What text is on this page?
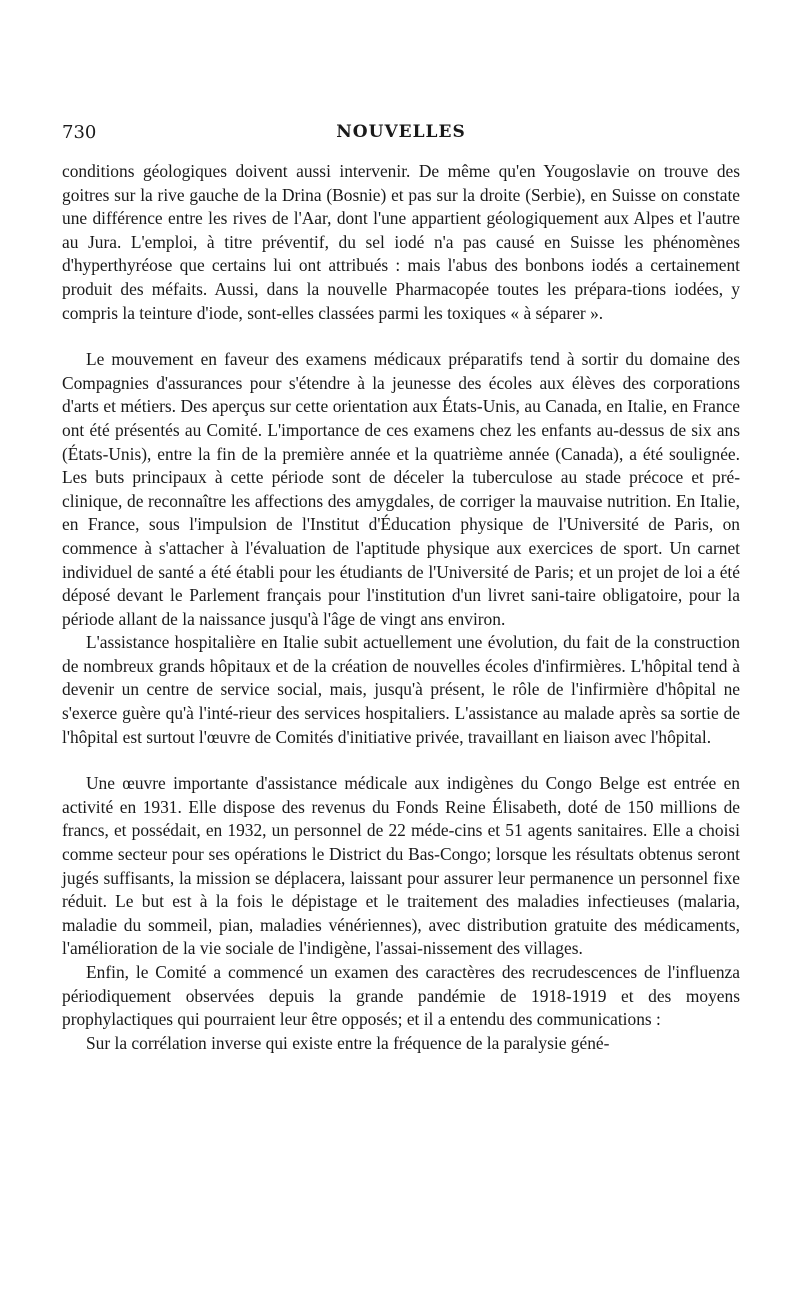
730	NOUVELLES

conditions géologiques doivent aussi intervenir. De même qu'en Yougoslavie on trouve des goitres sur la rive gauche de la Drina (Bosnie) et pas sur la droite (Serbie), en Suisse on constate une différence entre les rives de l'Aar, dont l'une appartient géologiquement aux Alpes et l'autre au Jura. L'emploi, à titre préventif, du sel iodé n'a pas causé en Suisse les phénomènes d'hyperthyréose que certains lui ont attribués : mais l'abus des bonbons iodés a certainement produit des méfaits. Aussi, dans la nouvelle Pharmacopée toutes les prépara-tions iodées, y compris la teinture d'iode, sont-elles classées parmi les toxiques « à séparer ».

Le mouvement en faveur des examens médicaux préparatifs tend à sortir du domaine des Compagnies d'assurances pour s'étendre à la jeunesse des écoles aux élèves des corporations d'arts et métiers. Des aperçus sur cette orientation aux États-Unis, au Canada, en Italie, en France ont été présentés au Comité. L'importance de ces examens chez les enfants au-dessus de six ans (États-Unis), entre la fin de la première année et la quatrième année (Canada), a été soulignée. Les buts principaux à cette période sont de déceler la tuberculose au stade précoce et pré-clinique, de reconnaître les affections des amygdales, de corriger la mauvaise nutrition. En Italie, en France, sous l'impulsion de l'Institut d'Éducation physique de l'Université de Paris, on commence à s'attacher à l'évaluation de l'aptitude physique aux exercices de sport. Un carnet individuel de santé a été établi pour les étudiants de l'Université de Paris; et un projet de loi a été déposé devant le Parlement français pour l'institution d'un livret sani-taire obligatoire, pour la période allant de la naissance jusqu'à l'âge de vingt ans environ.

L'assistance hospitalière en Italie subit actuellement une évolution, du fait de la construction de nombreux grands hôpitaux et de la création de nouvelles écoles d'infirmières. L'hôpital tend à devenir un centre de service social, mais, jusqu'à présent, le rôle de l'infirmière d'hôpital ne s'exerce guère qu'à l'inté-rieur des services hospitaliers. L'assistance au malade après sa sortie de l'hôpital est surtout l'œuvre de Comités d'initiative privée, travaillant en liaison avec l'hôpital.

Une œuvre importante d'assistance médicale aux indigènes du Congo Belge est entrée en activité en 1931. Elle dispose des revenus du Fonds Reine Élisabeth, doté de 150 millions de francs, et possédait, en 1932, un personnel de 22 méde-cins et 51 agents sanitaires. Elle a choisi comme secteur pour ses opérations le District du Bas-Congo; lorsque les résultats obtenus seront jugés suffisants, la mission se déplacera, laissant pour assurer leur permanence un personnel fixe réduit. Le but est à la fois le dépistage et le traitement des maladies infectieuses (malaria, maladie du sommeil, pian, maladies vénériennes), avec distribution gratuite des médicaments, l'amélioration de la vie sociale de l'indigène, l'assai-nissement des villages.

Enfin, le Comité a commencé un examen des caractères des recrudescences de l'influenza périodiquement observées depuis la grande pandémie de 1918-1919 et des moyens prophylactiques qui pourraient leur être opposés; et il a entendu des communications :

Sur la corrélation inverse qui existe entre la fréquence de la paralysie géné-
